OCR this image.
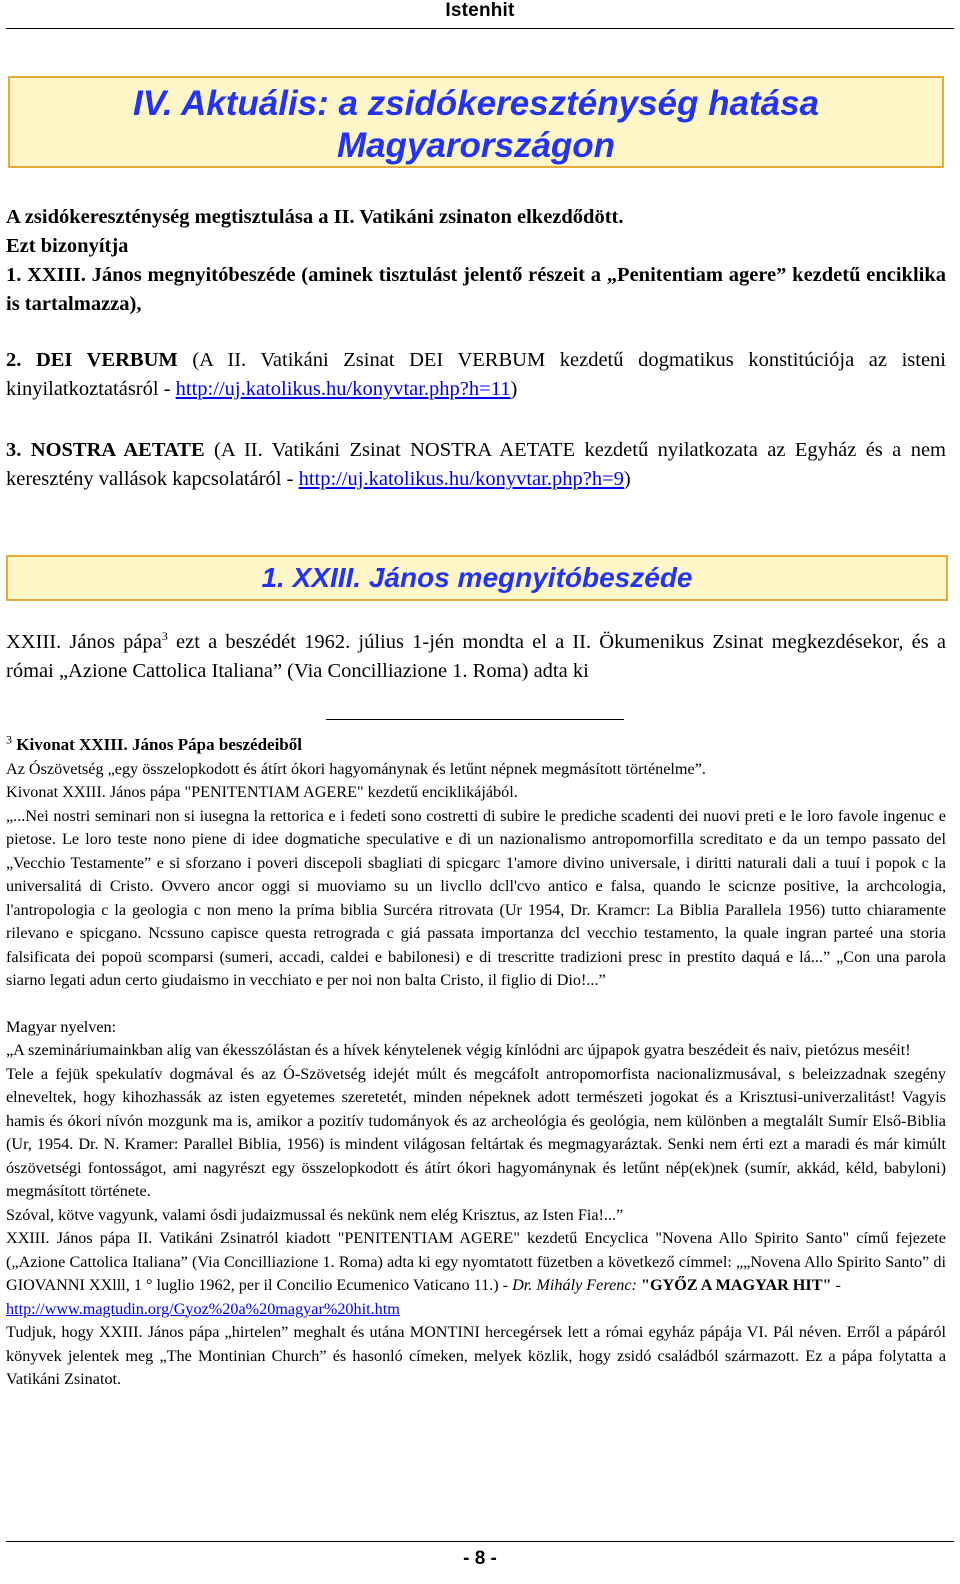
Istenhit
IV. Aktuális: a zsidókereszténység hatása
Magyarországon
A zsidókereszténység megtisztulása a II. Vatikáni zsinaton elkezdődött.
Ezt bizonyítja
1. XXIII. János megnyitóbeszéde (aminek tisztulást jelentő részeit a „Penitentiam agere” kezdetű enciklika is tartalmazza),
2. DEI VERBUM (A II. Vatikáni Zsinat DEI VERBUM kezdetű dogmatikus konstitúciója az isteni kinyilatkoztatásról - http://uj.katolikus.hu/konyvtar.php?h=11)
3. NOSTRA AETATE (A II. Vatikáni Zsinat NOSTRA AETATE kezdetű nyilatkozata az Egyház és a nem keresztény vallások kapcsolatáról - http://uj.katolikus.hu/konyvtar.php?h=9)
1. XXIII. János megnyitóbeszéde
XXIII. János pápa$^3$ ezt a beszédét 1962. július 1-jén mondta el a II. Ökumenikus Zsinat megkezdésekor, és a római „Azione Cattolica Italiana” (Via Concilliazione 1. Roma) adta ki

$^3$ Kivonat XXIII. János Pápa beszédeiből

Az Ószövetség „egy összelopkodott és átírt ókori hagyománynak és letűnt népnek megmásított történelme”.

Kivonat XXIII. János pápa "PENITENTIAM AGERE" kezdetű enciklikájából.

„...Nei nostri seminari non si iusegna la rettorica e i fedeti sono costretti di subire le prediche scadenti dei nuovi preti e le loro favole ingenuc e pietose. Le loro teste nono piene di idee dogmatiche speculative e di un nazionalismo antropomorfilla screditato e da un tempo passato del „Vecchio Testamente” e si sforzano i poveri discepoli sbagliati di spicgarc 1'amore divino universale, i diritti naturali dali a tuuí i popok c la universalitá di Cristo. Ovvero ancor oggi si muoviamo su un livcllo dcll'cvo antico e falsa, quando le scicnze positive, la archcologia, l'antropologia c la geologia c non meno la príma biblia Surcéra ritrovata (Ur 1954, Dr. Kramcr: La Biblia Parallela 1956) tutto chiaramente rilevano e spicgano. Ncssuno capisce questa retrograda c giá passata importanza dcl vecchio testamento, la quale ingran parteé una storia falsificata dei popoü scomparsi (sumeri, accadi, caldei e babilonesi) e di trescritte tradizioni presc in prestito daquá e lá...” „Con una parola siarno legati adun certo giudaismo in vecchiato e per noi non balta Cristo, il figlio di Dio!...”

Magyar nyelven:

„A szemináriumainkban alig van ékesszólástan és a hívek kénytelenek végig kínlódni arc újpapok gyatra beszédeit és naiv, pietózus meséit!

Tele a fejük spekulatív dogmával és az Ó-Szövetség idejét múlt és megcáfolt antropomorfista nacionalizmusával, s beleizzadnak szegény elneveltek, hogy kihozhassák az isten egyetemes szeretetét, minden népeknek adott természeti jogokat és a Krisztusi-univerzalitást! Vagyis hamis és ókori nívón mozgunk ma is, amikor a pozitív tudományok és az archeológia és geológia, nem különben a megtalált Sumír Első-Biblia (Ur, 1954. Dr. N. Kramer: Parallel Biblia, 1956) is mindent világosan feltártak és megmagyaráztak. Senki nem érti ezt a maradi és már kimúlt ószövetségi fontosságot, ami nagyrészt egy összelopkodott és átírt ókori hagyománynak és letűnt nép(ek)nek (sumír, akkád, kéld, babyloni) megmásított története.

Szóval, kötve vagyunk, valami ósdi judaizmussal és nekünk nem elég Krisztus, az Isten Fia!...”

XXIII. János pápa II. Vatikáni Zsinatról kiadott "PENITENTIAM AGERE" kezdetű Encyclica "Novena Allo Spirito Santo" című fejezete („Azione Cattolica Italiana” (Via Concilliazione 1. Roma) adta ki egy nyomtatott füzetben a következő címmel: „„Novena Allo Spirito Santo” di GIOVANNI XXlll, 1 ° luglio 1962, per il Concilio Ecumenico Vaticano 11.) - Dr. Mihály Ferenc: "GYŐZ A MAGYAR HIT" -
http://www.magtudin.org/Gyoz%20a%20magyar%20hit.htm

Tudjuk, hogy XXIII. János pápa „hirtelen” meghalt és utána MONTINI hercegérsek lett a római egyház pápája VI. Pál néven. Erről a pápáról könyvek jelentek meg „The Montinian Church” és hasonló címeken, melyek közlik, hogy zsidó családból származott. Ez a pápa folytatta a Vatikáni Zsinatot.

- 8 -
